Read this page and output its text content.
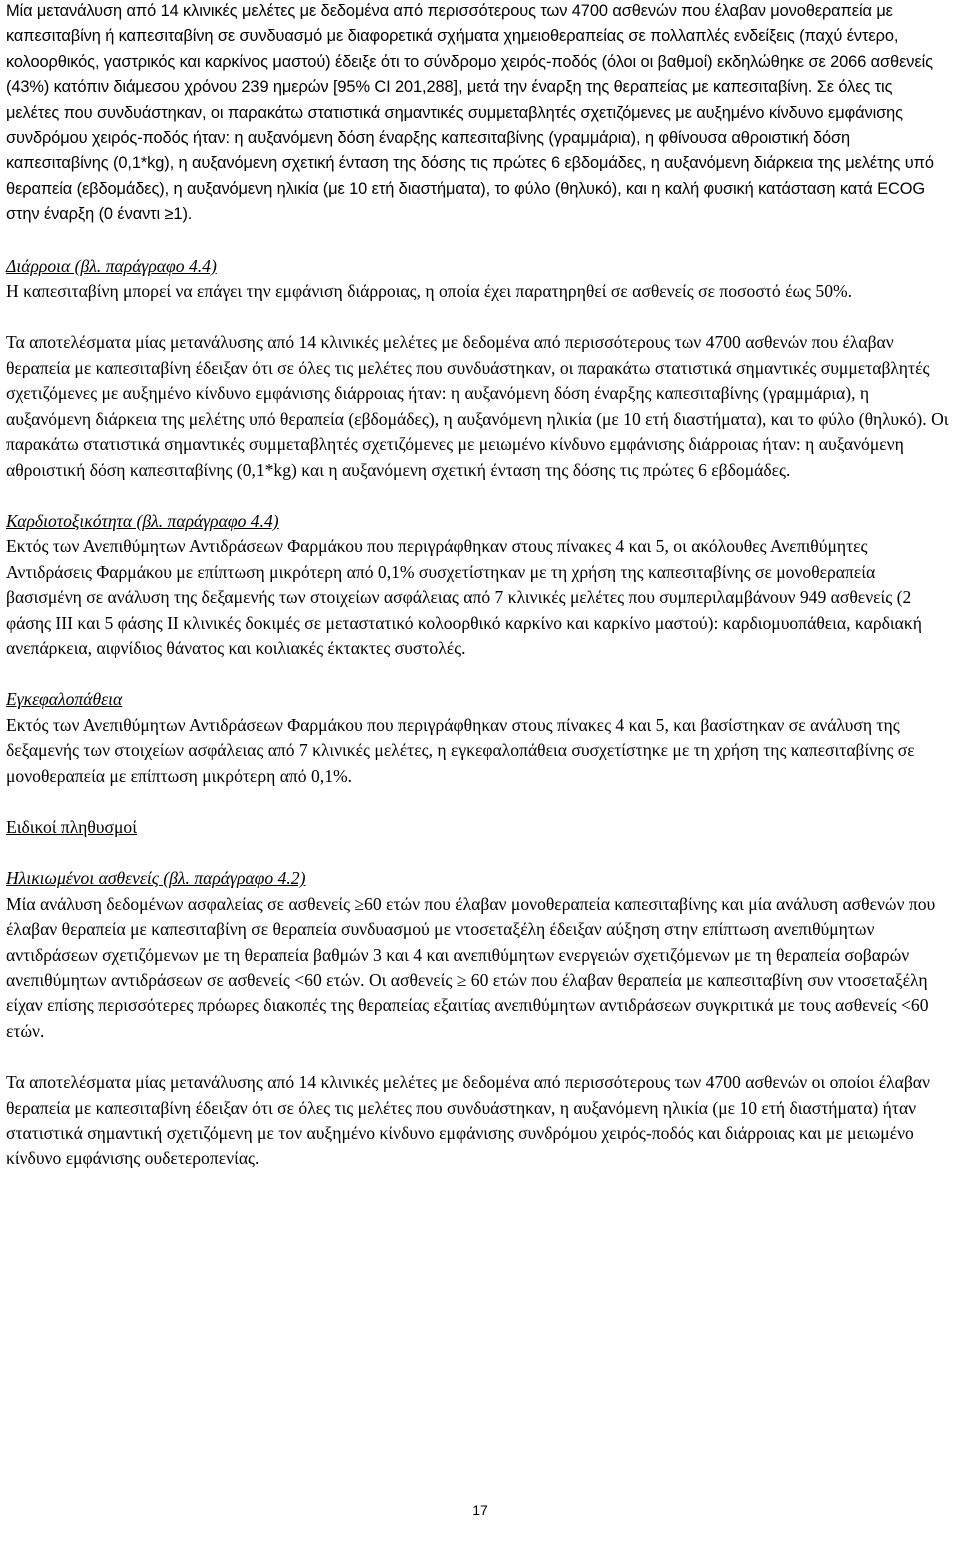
Μία μετανάλυση από 14 κλινικές μελέτες με δεδομένα από περισσότερους των 4700 ασθενών που έλαβαν μονοθεραπεία με καπεσιταβίνη ή καπεσιταβίνη σε συνδυασμό με διαφορετικά σχήματα χημειοθεραπείας σε πολλαπλές ενδείξεις (παχύ έντερο, κολοορθικός, γαστρικός και καρκίνος μαστού) έδειξε ότι το σύνδρομο χειρός-ποδός (όλοι οι βαθμοί) εκδηλώθηκε σε 2066 ασθενείς (43%) κατόπιν διάμεσου χρόνου 239 ημερών [95% CI 201,288], μετά την έναρξη της θεραπείας με καπεσιταβίνη. Σε όλες τις μελέτες που συνδυάστηκαν, οι παρακάτω στατιστικά σημαντικές συμμεταβλητές σχετιζόμενες με αυξημένο κίνδυνο εμφάνισης συνδρόμου χειρός-ποδός ήταν: η αυξανόμενη δόση έναρξης καπεσιταβίνης (γραμμάρια), η φθίνουσα αθροιστική δόση καπεσιταβίνης (0,1*kg), η αυξανόμενη σχετική ένταση της δόσης τις πρώτες 6 εβδομάδες, η αυξανόμενη διάρκεια της μελέτης υπό θεραπεία (εβδομάδες), η αυξανόμενη ηλικία (με 10 ετή διαστήματα), το φύλο (θηλυκό), και η καλή φυσική κατάσταση κατά ECOG στην έναρξη (0 έναντι ≥1).

Διάρροια (βλ. παράγραφο 4.4)

Η καπεσιταβίνη μπορεί να επάγει την εμφάνιση διάρροιας, η οποία έχει παρατηρηθεί σε ασθενείς σε ποσοστό έως 50%.

Τα αποτελέσματα μίας μετανάλυσης από 14 κλινικές μελέτες με δεδομένα από περισσότερους των 4700 ασθενών που έλαβαν θεραπεία με καπεσιταβίνη έδειξαν ότι σε όλες τις μελέτες που συνδυάστηκαν, οι παρακάτω στατιστικά σημαντικές συμμεταβλητές σχετιζόμενες με αυξημένο κίνδυνο εμφάνισης διάρροιας ήταν: η αυξανόμενη δόση έναρξης καπεσιταβίνης (γραμμάρια), η αυξανόμενη διάρκεια της μελέτης υπό θεραπεία (εβδομάδες), η αυξανόμενη ηλικία (με 10 ετή διαστήματα), και το φύλο (θηλυκό). Οι παρακάτω στατιστικά σημαντικές συμμεταβλητές σχετιζόμενες με μειωμένο κίνδυνο εμφάνισης διάρροιας ήταν: η αυξανόμενη αθροιστική δόση καπεσιταβίνης (0,1*kg) και η αυξανόμενη σχετική ένταση της δόσης τις πρώτες 6 εβδομάδες.

Καρδιοτοξικότητα (βλ. παράγραφο 4.4)

Εκτός των Ανεπιθύμητων Αντιδράσεων Φαρμάκου που περιγράφθηκαν στους πίνακες 4 και 5, οι ακόλουθες Ανεπιθύμητες Αντιδράσεις Φαρμάκου με επίπτωση μικρότερη από 0,1% συσχετίστηκαν με τη χρήση της καπεσιταβίνης σε μονοθεραπεία βασισμένη σε ανάλυση της δεξαμενής των στοιχείων ασφάλειας από 7 κλινικές μελέτες που συμπεριλαμβάνουν 949 ασθενείς (2 φάσης III και 5 φάσης II κλινικές δοκιμές σε μεταστατικό κολοορθικό καρκίνο και καρκίνο μαστού): καρδιομυοπάθεια, καρδιακή ανεπάρκεια, αιφνίδιος θάνατος και κοιλιακές έκτακτες συστολές.

Εγκεφαλοπάθεια

Εκτός των Ανεπιθύμητων Αντιδράσεων Φαρμάκου που περιγράφθηκαν στους πίνακες 4 και 5, και βασίστηκαν σε ανάλυση της δεξαμενής των στοιχείων ασφάλειας από 7 κλινικές μελέτες, η εγκεφαλοπάθεια συσχετίστηκε με τη χρήση της καπεσιταβίνης σε μονοθεραπεία με επίπτωση μικρότερη από 0,1%.

Ειδικοί πληθυσμοί

Ηλικιωμένοι ασθενείς (βλ. παράγραφο 4.2)

Μία ανάλυση δεδομένων ασφαλείας σε ασθενείς ≥60 ετών που έλαβαν μονοθεραπεία καπεσιταβίνης και μία ανάλυση ασθενών που έλαβαν θεραπεία με καπεσιταβίνη σε θεραπεία συνδυασμού με ντοσεταξέλη έδειξαν αύξηση στην επίπτωση ανεπιθύμητων αντιδράσεων σχετιζόμενων με τη θεραπεία βαθμών 3 και 4 και ανεπιθύμητων ενεργειών σχετιζόμενων με τη θεραπεία σοβαρών ανεπιθύμητων αντιδράσεων σε ασθενείς <60 ετών. Οι ασθενείς ≥ 60 ετών που έλαβαν θεραπεία με καπεσιταβίνη συν ντοσεταξέλη είχαν επίσης περισσότερες πρόωρες διακοπές της θεραπείας εξαιτίας ανεπιθύμητων αντιδράσεων συγκριτικά με τους ασθενείς <60 ετών.

Τα αποτελέσματα μίας μετανάλυσης από 14 κλινικές μελέτες με δεδομένα από περισσότερους των 4700 ασθενών οι οποίοι έλαβαν θεραπεία με καπεσιταβίνη έδειξαν ότι σε όλες τις μελέτες που συνδυάστηκαν, η αυξανόμενη ηλικία (με 10 ετή διαστήματα) ήταν στατιστικά σημαντική σχετιζόμενη με τον αυξημένο κίνδυνο εμφάνισης συνδρόμου χειρός-ποδός και διάρροιας και με μειωμένο κίνδυνο εμφάνισης ουδετεροπενίας.

17
